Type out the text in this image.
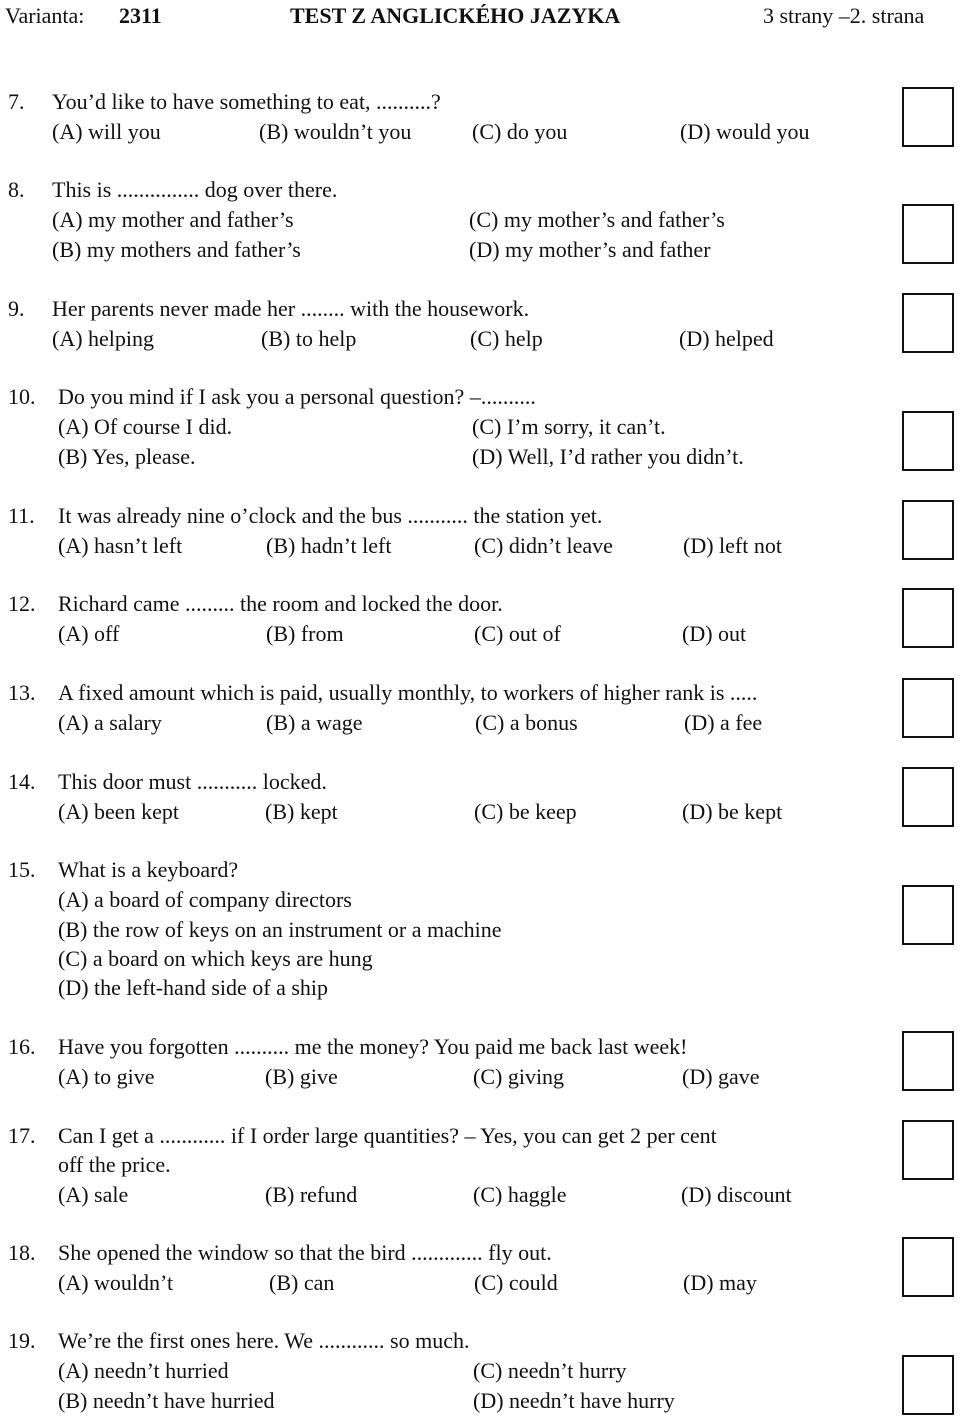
Varianta: 2311	TEST Z ANGLICKÉHO JAZYKA	3 strany –2. strana
7. You’d like to have something to eat, ..........?
(A) will you	(B) wouldn’t you	(C) do you	(D) would you
8. This is ............... dog over there.
(A) my mother and father’s	(C) my mother’s and father’s
(B) my mothers and father’s	(D) my mother’s and father
9. Her parents never made her ........ with the housework.
(A) helping	(B) to help	(C) help	(D) helped
10. Do you mind if I ask you a personal question? –..........
(A) Of course I did.	(C) I’m sorry, it can’t.
(B) Yes, please.	(D) Well, I’d rather you didn’t.
11. It was already nine o’clock and the bus ........... the station yet.
(A) hasn’t left	(B) hadn’t left	(C) didn’t leave	(D) left not
12. Richard came ......... the room and locked the door.
(A) off	(B) from	(C) out of	(D) out
13. A fixed amount which is paid, usually monthly, to workers of higher rank is .....
(A) a salary	(B) a wage	(C) a bonus	(D) a fee
14. This door must ........... locked.
(A) been kept	(B) kept	(C) be keep	(D) be kept
15. What is a keyboard?
(A) a board of company directors
(B) the row of keys on an instrument or a machine
(C) a board on which keys are hung
(D) the left-hand side of a ship
16. Have you forgotten .......... me the money? You paid me back last week!
(A) to give	(B) give	(C) giving	(D) gave
17. Can I get a ............ if I order large quantities? – Yes, you can get 2 per cent
off the price.
(A) sale	(B) refund	(C) haggle	(D) discount
18. She opened the window so that the bird ............. fly out.
(A) wouldn’t	(B) can	(C) could	(D) may
19. We’re the first ones here. We ............ so much.
(A) needn’t hurried	(C) needn’t hurry
(B) needn’t have hurried	(D) needn’t have hurry
